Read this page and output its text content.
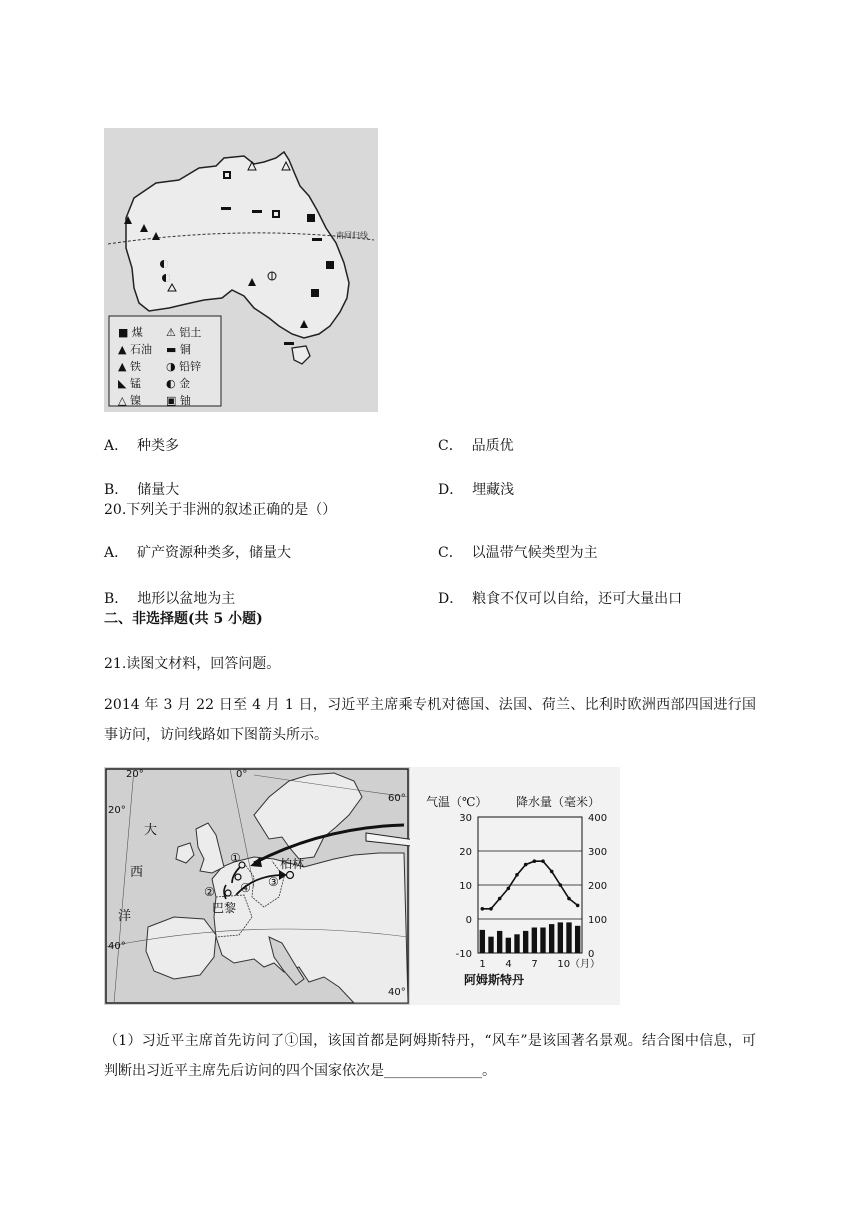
南回归线
■ 煤	⚠ 铝土
▲ 石油	▬ 铜
▲ 铁	◑ 铅锌
◣ 锰	◐ 金
△ 镍	▣ 铀
A． 种类多	C． 品质优
B． 储量大	D． 埋藏浅
20.下列关于非洲的叙述正确的是（）
A． 矿产资源种类多，储量大	C． 以温带气候类型为主
B． 地形以盆地为主	D． 粮食不仅可以自给，还可大量出口
二、非选择题(共 5 小题)
21.读图文材料，回答问题。
2014 年 3 月 22 日至 4 月 1 日，习近平主席乘专机对德国、法国、荷兰、比利时欧洲西部四国进行国事访问，访问线路如下图箭头所示。
20°	0°
20°
60°
40°
40°
大
西
洋
柏林
巴黎
①
②
③
④
气温（℃） 降水量（毫米）
30
20
10
0
-10
400
300
200
100
0
1 4 7 10（月）
阿姆斯特丹
（1）习近平主席首先访问了①国，该国首都是阿姆斯特丹，“风车”是该国著名景观。结合图中信息，可判断出习近平主席先后访问的四个国家依次是______________。
